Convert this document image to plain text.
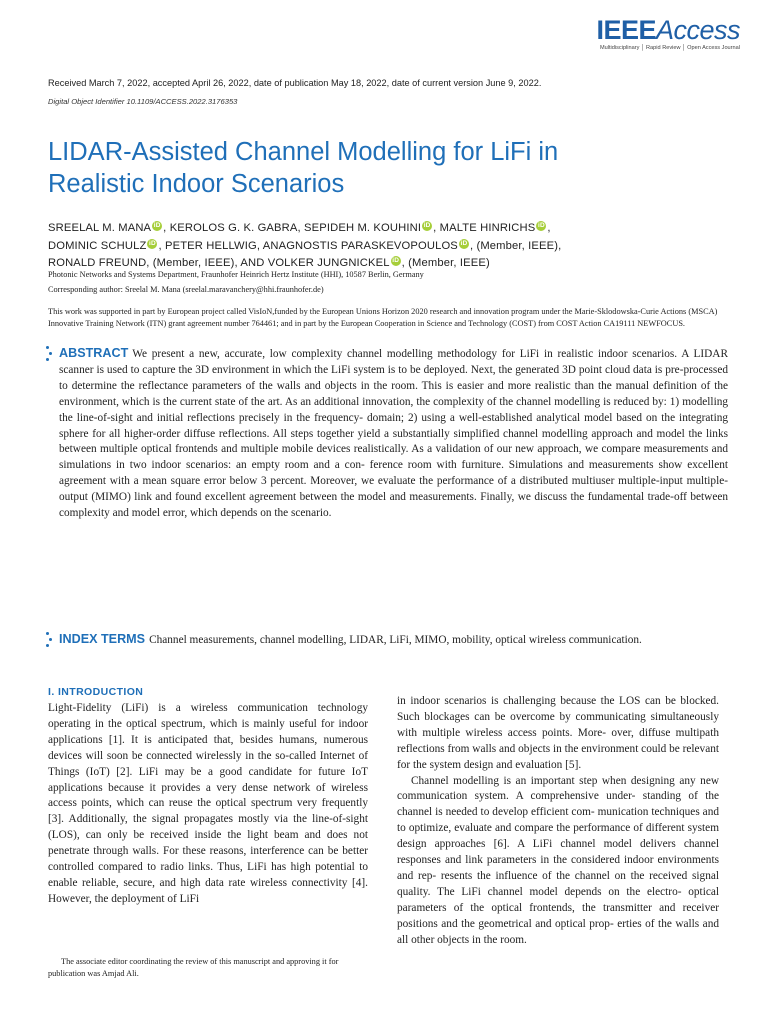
IEEEAccess
Multidisciplinary │ Rapid Review │ Open Access Journal
Received March 7, 2022, accepted April 26, 2022, date of publication May 18, 2022, date of current version June 9, 2022.
Digital Object Identifier 10.1109/ACCESS.2022.3176353
LIDAR-Assisted Channel Modelling for LiFi in
Realistic Indoor Scenarios
SREELAL M. MANA iD , KEROLOS G. K. GABRA, SEPIDEH M. KOUHINI iD , MALTE HINRICHS iD ,
DOMINIC SCHULZ iD , PETER HELLWIG, ANAGNOSTIS PARASKEVOPOULOS iD , (Member, IEEE),
RONALD FREUND, (Member, IEEE), AND VOLKER JUNGNICKEL iD , (Member, IEEE)
Photonic Networks and Systems Department, Fraunhofer Heinrich Hertz Institute (HHI), 10587 Berlin, Germany
Corresponding author: Sreelal M. Mana (sreelal.maravanchery@hhi.fraunhofer.de)
This work was supported in part by European project called VisIoN,funded by the European Unions Horizon 2020 research and innovation program under the Marie-Sklodowska-Curie Actions (MSCA) Innovative Training Network (ITN) grant agreement number 764461; and in part by the European Cooperation in Science and Technology (COST) from COST Action CA19111 NEWFOCUS.
ABSTRACT We present a new, accurate, low complexity channel modelling methodology for LiFi in realistic indoor scenarios. A LIDAR scanner is used to capture the 3D environment in which the LiFi system is to be deployed. Next, the generated 3D point cloud data is pre-processed to determine the reflectance parameters of the walls and objects in the room. This is easier and more realistic than the manual definition of the environment, which is the current state of the art. As an additional innovation, the complexity of the channel modelling is reduced by: 1) modelling the line-of-sight and initial reflections precisely in the frequency- domain; 2) using a well-established analytical model based on the integrating sphere for all higher-order diffuse reflections. All steps together yield a substantially simplified channel modelling approach and model the links between multiple optical frontends and multiple mobile devices realistically. As a validation of our new approach, we compare measurements and simulations in two indoor scenarios: an empty room and a con- ference room with furniture. Simulations and measurements show excellent agreement with a mean square error below 3 percent. Moreover, we evaluate the performance of a distributed multiuser multiple-input multiple-output (MIMO) link and found excellent agreement between the model and measurements. Finally, we discuss the fundamental trade-off between complexity and model error, which depends on the scenario.
INDEX TERMS Channel measurements, channel modelling, LIDAR, LiFi, MIMO, mobility, optical wireless communication.
I. INTRODUCTION
Light-Fidelity (LiFi) is a wireless communication technology operating in the optical spectrum, which is mainly useful for indoor applications [1]. It is anticipated that, besides humans, numerous devices will soon be connected wirelessly in the so-called Internet of Things (IoT) [2]. LiFi may be a good candidate for future IoT applications because it provides a very dense network of wireless access points, which can reuse the optical spectrum very frequently [3]. Additionally, the signal propagates mostly via the line-of-sight (LOS), can only be received inside the light beam and does not penetrate through walls. For these reasons, interference can be better controlled compared to radio links. Thus, LiFi has high potential to enable reliable, secure, and high data rate wireless connectivity [4]. However, the deployment of LiFi

in indoor scenarios is challenging because the LOS can be blocked. Such blockages can be overcome by communicating simultaneously with multiple wireless access points. More- over, diffuse multipath reflections from walls and objects in the environment could be relevant for the system design and evaluation [5].

Channel modelling is an important step when designing any new communication system. A comprehensive under- standing of the channel is needed to develop efficient com- munication techniques and to optimize, evaluate and compare the performance of different system design approaches [6]. A LiFi channel model delivers channel responses and link parameters in the considered indoor environments and rep- resents the influence of the channel on the received signal quality. The LiFi channel model depends on the electro- optical parameters of the optical frontends, the transmitter and receiver positions and the geometrical and optical prop- erties of the walls and all other objects in the room.

The associate editor coordinating the review of this manuscript and approving it for publication was Amjad Ali.
